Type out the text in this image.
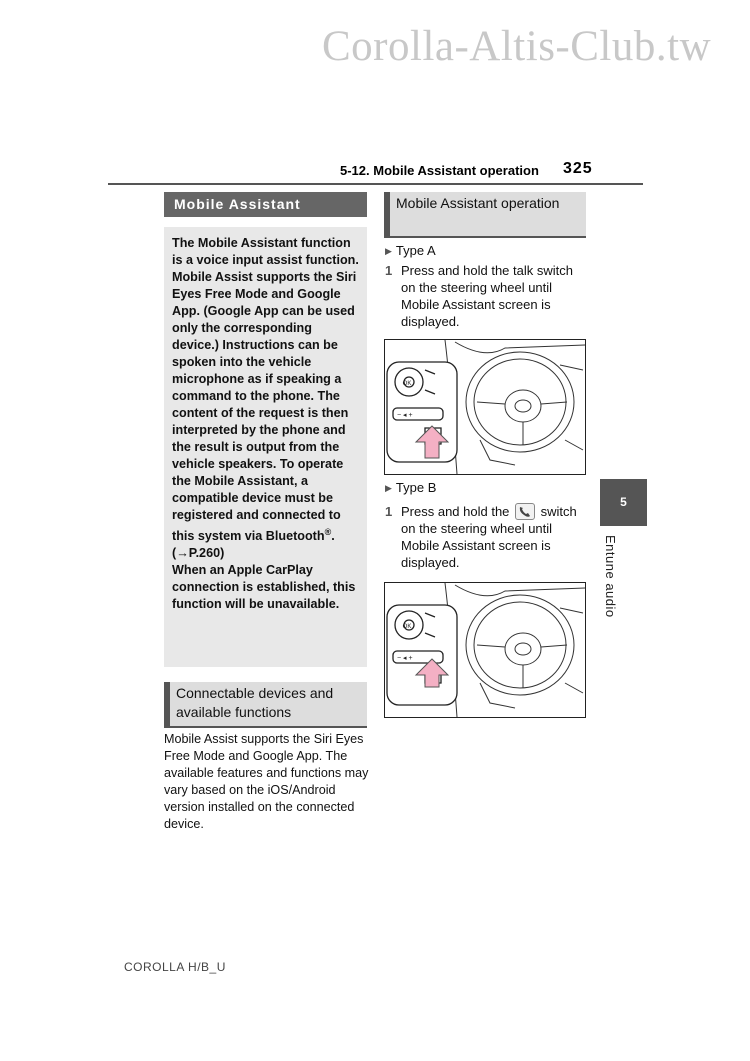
Corolla-Altis-Club.tw
5-12. Mobile Assistant operation 325
Mobile Assistant

The Mobile Assistant function is a voice input assist function. Mobile Assist supports the Siri Eyes Free Mode and Google App. (Google App can be used only the corresponding device.) Instructions can be spoken into the vehicle microphone as if speaking a command to the phone. The content of the request is then interpreted by the phone and the result is output from the vehicle speakers. To operate the Mobile Assistant, a compatible device must be registered and connected to this system via Bluetooth®.

(→P.260)

When an Apple CarPlay connection is established, this function will be unavailable.

Connectable devices and available functions
Mobile Assist supports the Siri Eyes Free Mode and Google App. The available features and functions may vary based on the iOS/Android version installed on the connected device.
Mobile Assistant operation
▶ Type A
1 Press and hold the talk switch on the steering wheel until Mobile Assistant screen is displayed.
OK
− ◂ +
▶ Type B
1 Press and hold the switch on the steering wheel until Mobile Assistant screen is displayed.
OK
− ◂ +
5
Entune audio
COROLLA H/B_U
